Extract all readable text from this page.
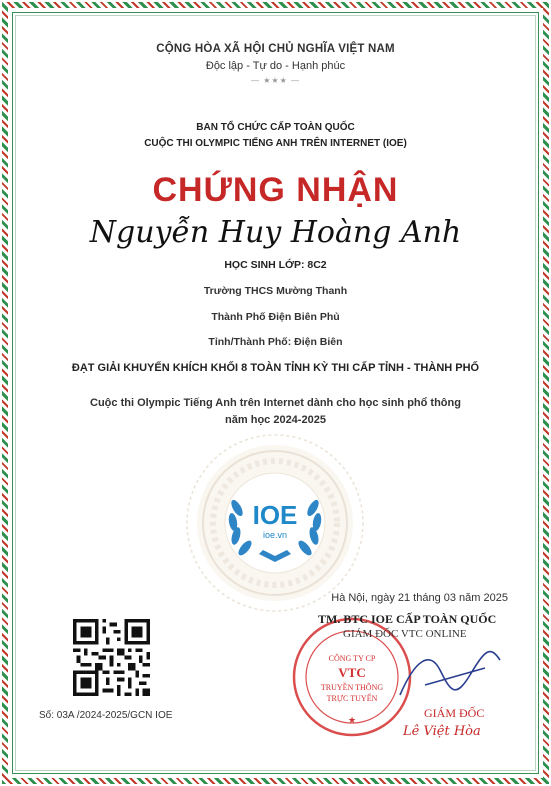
CỘNG HÒA XÃ HỘI CHỦ NGHĨA VIỆT NAM
Độc lập - Tự do - Hạnh phúc
— ★★★ —
BAN TỔ CHỨC CẤP TOÀN QUỐC
CUỘC THI OLYMPIC TIẾNG ANH TRÊN INTERNET (IOE)
CHỨNG NHẬN
Nguyễn Huy Hoàng Anh
HỌC SINH LỚP: 8C2
Trường THCS Mường Thanh
Thành Phố Điện Biên Phủ
Tỉnh/Thành Phố: Điện Biên
ĐẠT GIẢI KHUYẾN KHÍCH KHỐI 8 TOÀN TỈNH KỲ THI CẤP TỈNH - THÀNH PHỐ
Cuộc thi Olympic Tiếng Anh trên Internet dành cho học sinh phổ thông
năm học 2024-2025
IOE
ioe.vn
Hà Nội, ngày 21 tháng 03 năm 2025
CÔNG TY CP
VTC
TRUYỀN THÔNG
TRỰC TUYẾN
★
TM. BTC IOE CẤP TOÀN QUỐC
GIÁM ĐỐC VTC ONLINE
GIÁM ĐỐC
Lê Việt Hòa
Số: 03A /2024-2025/GCN IOE
